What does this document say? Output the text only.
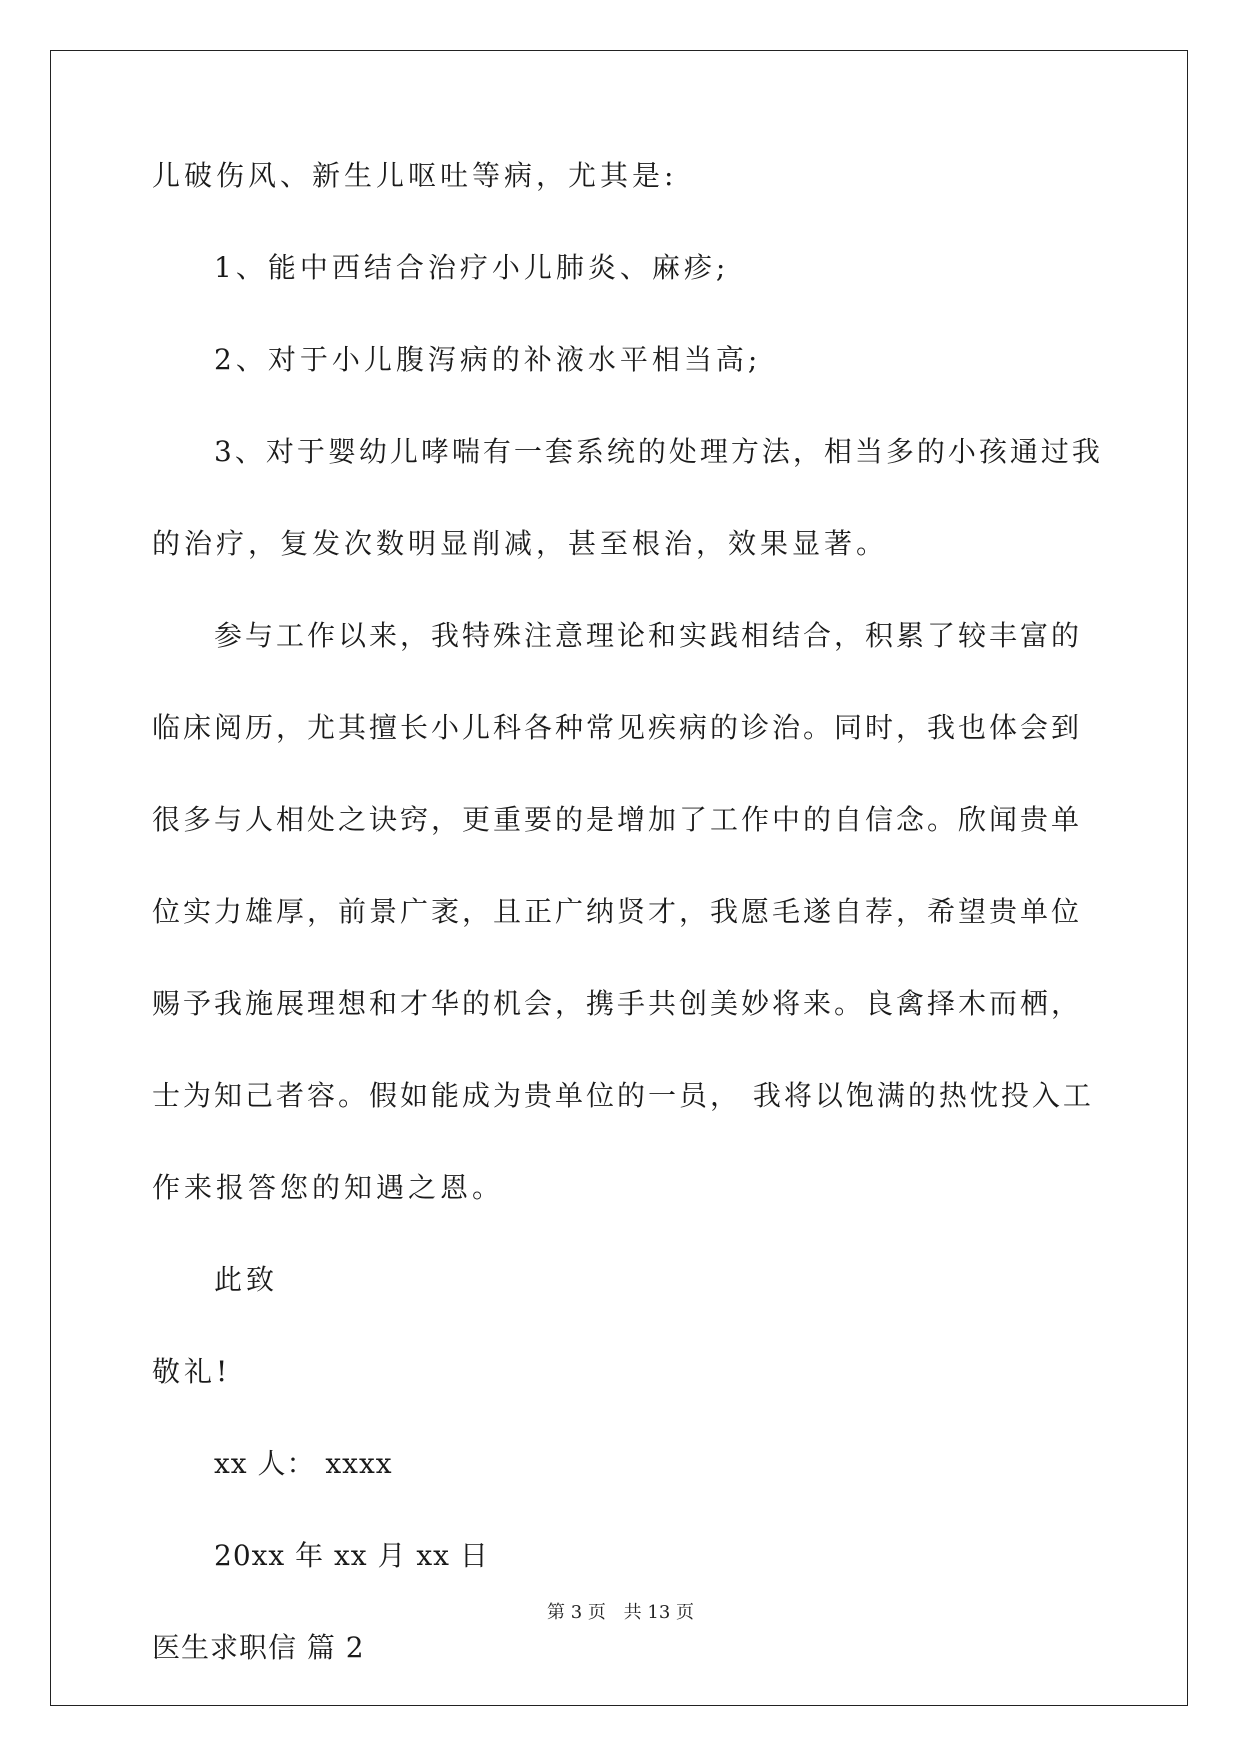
儿破伤风、新生儿呕吐等病，尤其是:
1、能中西结合治疗小儿肺炎、麻疹;
2、对于小儿腹泻病的补液水平相当高;
3、对于婴幼儿哮喘有一套系统的处理方法，相当多的小孩通过我
的治疗，复发次数明显削减，甚至根治，效果显著。
参与工作以来，我特殊注意理论和实践相结合，积累了较丰富的
临床阅历，尤其擅长小儿科各种常见疾病的诊治。同时，我也体会到
很多与人相处之诀窍，更重要的是增加了工作中的自信念。欣闻贵单
位实力雄厚，前景广袤，且正广纳贤才，我愿毛遂自荐，希望贵单位
赐予我施展理想和才华的机会，携手共创美妙将来。良禽择木而栖，
士为知己者容。假如能成为贵单位的一员， 我将以饱满的热忱投入工
作来报答您的知遇之恩。
此致
敬礼!
xx 人： xxxx
20xx 年 xx 月 xx 日
医生求职信 篇 2
第 3 页 共 13 页
